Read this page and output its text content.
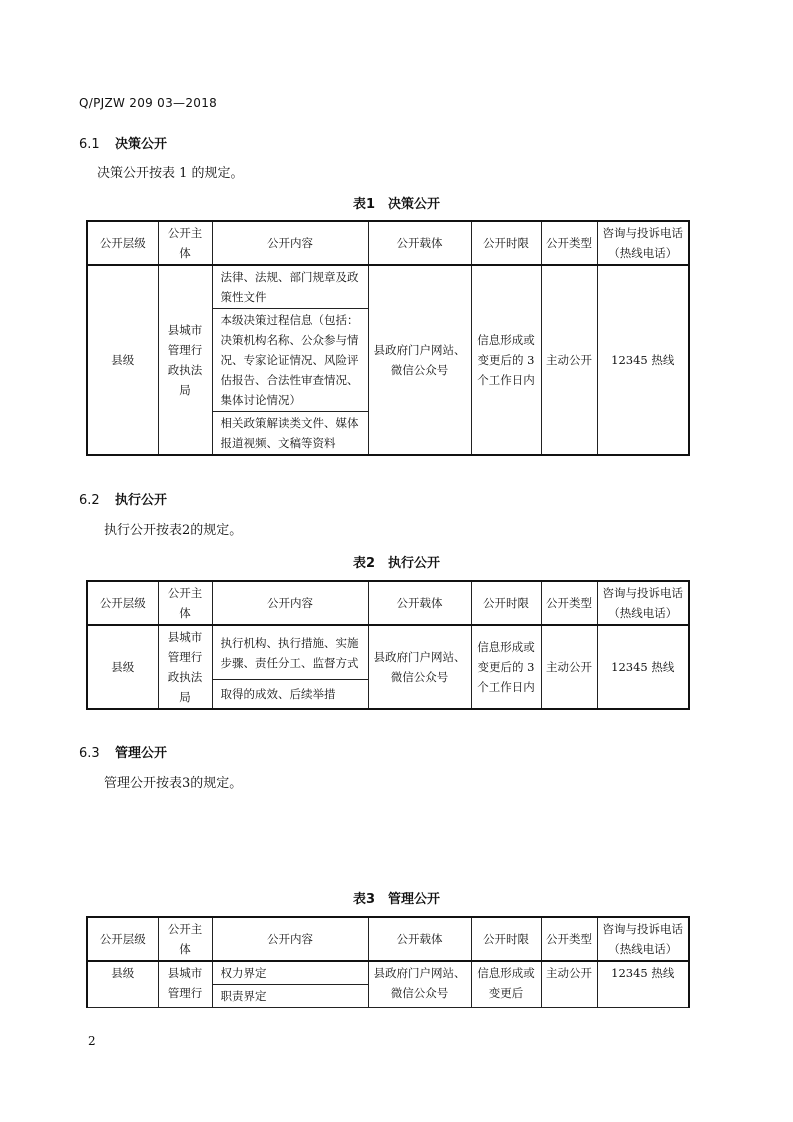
Q/PJZW 209 03—2018
6.1 决策公开
决策公开按表 1 的规定。
表1　决策公开
公开层级	公开主体	公开内容	公开载体	公开时限	公开类型	咨询与投诉电话（热线电话）
县级	县城市管理行政执法局	法律、法规、部门规章及政策性文件	县政府门户网站、微信公众号	信息形成或变更后的 3 个工作日内	主动公开	12345 热线
		本级决策过程信息（包括：决策机构名称、公众参与情况、专家论证情况、风险评估报告、合法性审查情况、集体讨论情况）				
		相关政策解读类文件、媒体报道视频、文稿等资料				
6.2 执行公开
执行公开按表2的规定。
表2　执行公开
公开层级	公开主体	公开内容	公开载体	公开时限	公开类型	咨询与投诉电话（热线电话）
县级	县城市管理行政执法局	执行机构、执行措施、实施步骤、责任分工、监督方式	县政府门户网站、微信公众号	信息形成或变更后的 3 个工作日内	主动公开	12345 热线
		取得的成效、后续举措				
6.3 管理公开
管理公开按表3的规定。
表3　管理公开
公开层级	公开主体	公开内容	公开载体	公开时限	公开类型	咨询与投诉电话（热线电话）
县级	县城市管理行	权力界定	县政府门户网站、微信公众号	信息形成或变更后	主动公开	12345 热线
		职责界定				
2
